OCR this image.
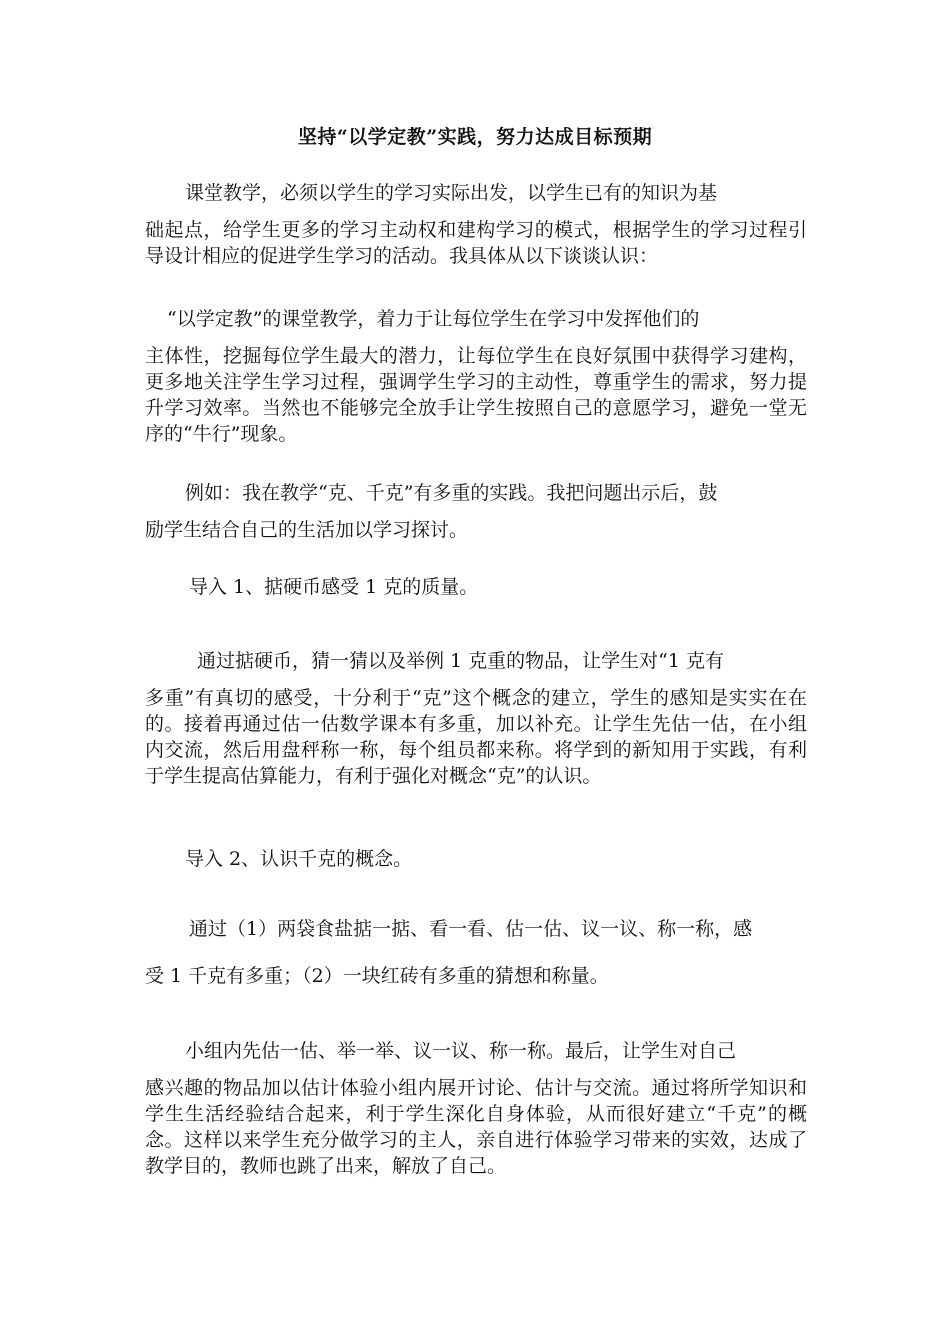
坚持“以学定教”实践，努力达成目标预期

课堂教学，必须以学生的学习实际出发，以学生已有的知识为基
础起点，给学生更多的学习主动权和建构学习的模式，根据学生的学习过程引导设计相应的促进学生学习的活动。我具体从以下谈谈认识：

“以学定教”的课堂教学，着力于让每位学生在学习中发挥他们的
主体性，挖掘每位学生最大的潜力，让每位学生在良好氛围中获得学习建构，更多地关注学生学习过程，强调学生学习的主动性，尊重学生的需求，努力提升学习效率。当然也不能够完全放手让学生按照自己的意愿学习，避免一堂无序的“牛行”现象。

例如：我在教学“克、千克”有多重的实践。我把问题出示后，鼓
励学生结合自己的生活加以学习探讨。

导入 1、掂硬币感受 1 克的质量。

通过掂硬币，猜一猜以及举例 1 克重的物品，让学生对“1 克有
多重”有真切的感受，十分利于“克”这个概念的建立，学生的感知是实实在在的。接着再通过估一估数学课本有多重，加以补充。让学生先估一估，在小组内交流，然后用盘秤称一称，每个组员都来称。将学到的新知用于实践，有利于学生提高估算能力，有利于强化对概念“克”的认识。

导入 2、认识千克的概念。

通过（1）两袋食盐掂一掂、看一看、估一估、议一议、称一称，感
受 1 千克有多重；（2）一块红砖有多重的猜想和称量。

小组内先估一估、举一举、议一议、称一称。最后，让学生对自己
感兴趣的物品加以估计体验小组内展开讨论、估计与交流。通过将所学知识和学生生活经验结合起来，利于学生深化自身体验，从而很好建立“千克”的概念。这样以来学生充分做学习的主人，亲自进行体验学习带来的实效，达成了教学目的，教师也跳了出来，解放了自己。
